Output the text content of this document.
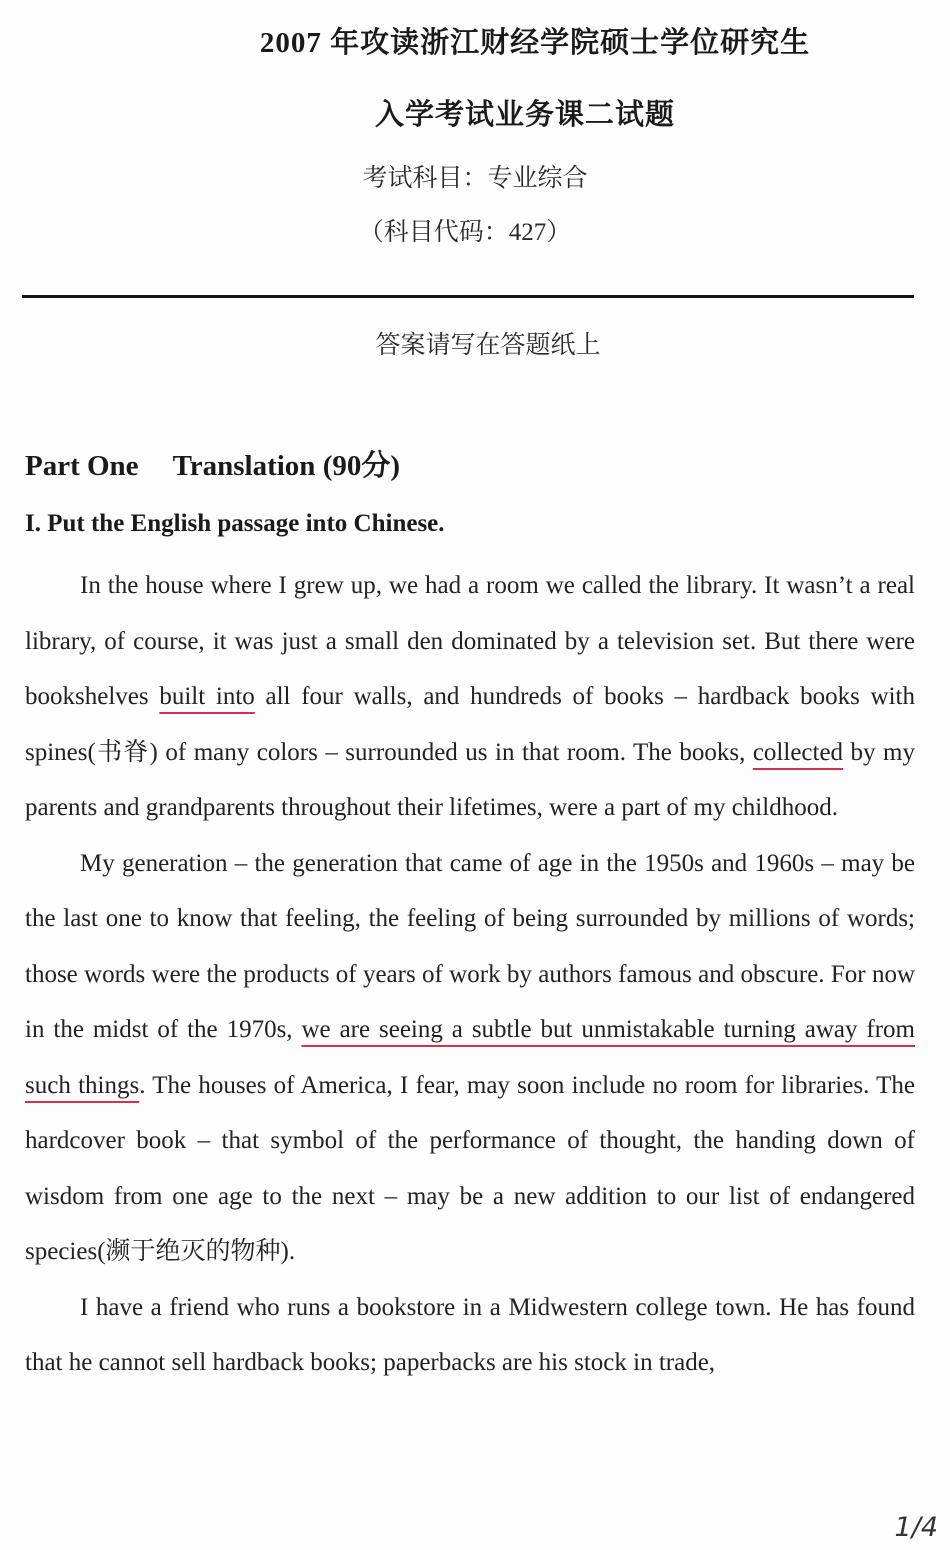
2007 年攻读浙江财经学院硕士学位研究生
入学考试业务课二试题
考试科目：专业综合
（科目代码：427）
答案请写在答题纸上
Part One Translation (90分)
I. Put the English passage into Chinese.

In the house where I grew up, we had a room we called the library. It wasn’t a real library, of course, it was just a small den dominated by a television set. But there were bookshelves built into all four walls, and hundreds of books – hardback books with spines(书脊) of many colors – surrounded us in that room. The books, collected by my parents and grandparents throughout their lifetimes, were a part of my childhood.

My generation – the generation that came of age in the 1950s and 1960s – may be the last one to know that feeling, the feeling of being surrounded by millions of words; those words were the products of years of work by authors famous and obscure. For now in the midst of the 1970s, we are seeing a subtle but unmistakable turning away from such things. The houses of America, I fear, may soon include no room for libraries. The hardcover book – that symbol of the performance of thought, the handing down of wisdom from one age to the next – may be a new addition to our list of endangered species(濒于绝灭的物种).

I have a friend who runs a bookstore in a Midwestern college town. He has found that he cannot sell hardback books; paperbacks are his stock in trade,

1/4
